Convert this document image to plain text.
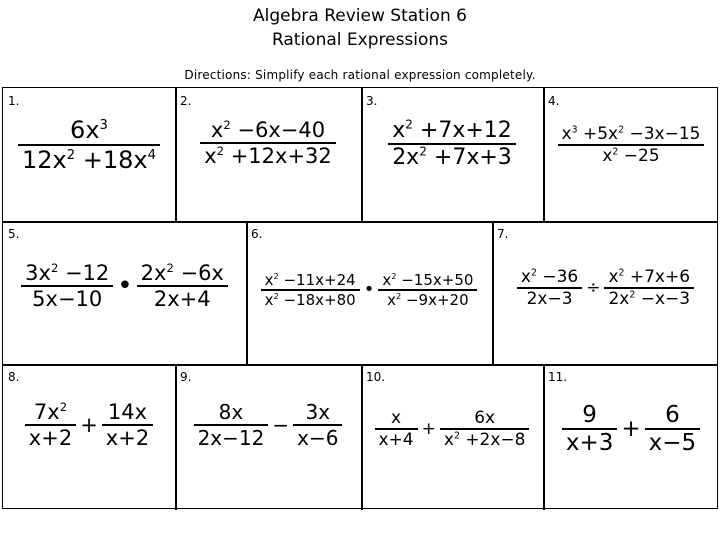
Algebra Review Station 6
Rational Expressions
Directions: Simplify each rational expression completely.
1.
$\frac{6x^3}{12x^2 +18x^4}$
2.
$\frac{x^2 -6x-40}{x^2 +12x+32}$
3.
$\frac{x^2 +7x+12}{2x^2 +7x+3}$
4.
$\frac{x^3 +5x^2 -3x-15}{x^2 -25}$
5.
$\frac{3x^2 -12}{5x-10}$ • $\frac{2x^2 -6x}{2x+4}$
6.
$\frac{x^2 -11x+24}{x^2 -18x+80}$ • $\frac{x^2 -15x+50}{x^2 -9x+20}$
7.
$\frac{x^2 -36}{2x-3} \div \frac{x^2 +7x+6}{2x^2 -x-3}$
8.
$\frac{7x^2}{x+2} + \frac{14x}{x+2}$
9.
$\frac{8x}{2x-12} - \frac{3x}{x-6}$
10.
$\frac{x}{x+4} + \frac{6x}{x^2 +2x-8}$
11.
$\frac{9}{x+3} + \frac{6}{x-5}$
